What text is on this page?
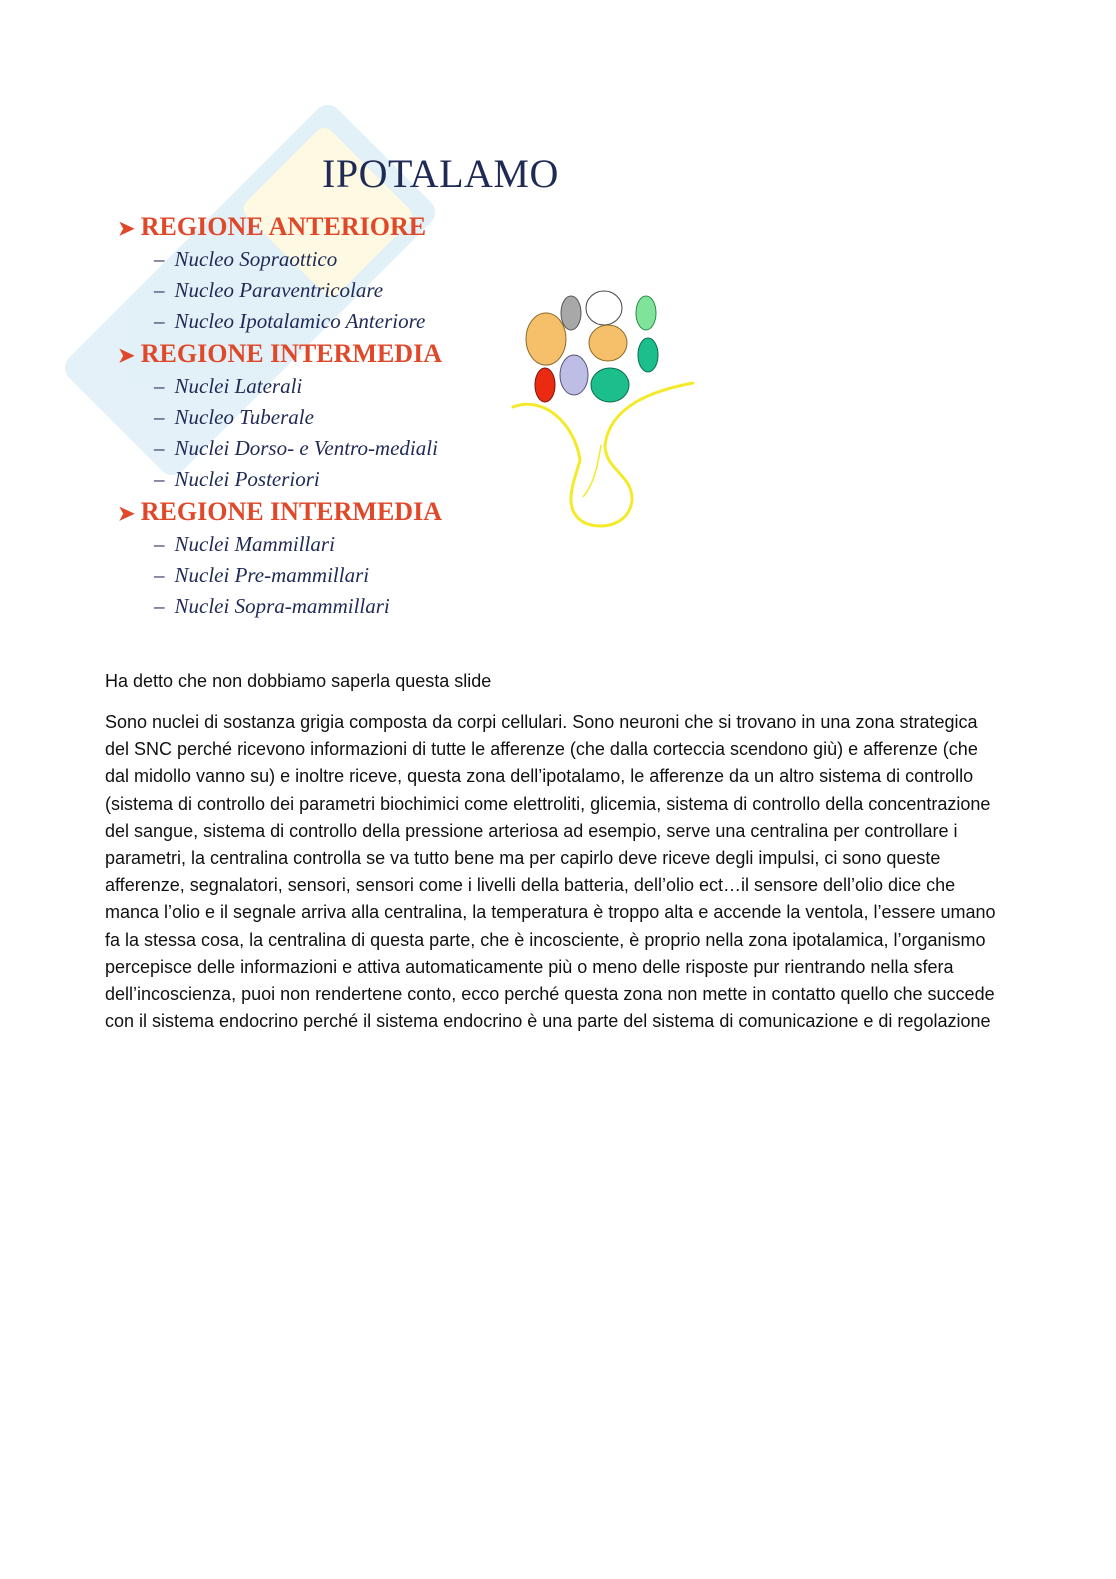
IPOTALAMO
➤ REGIONE ANTERIORE
– Nucleo Sopraottico
– Nucleo Paraventricolare
– Nucleo Ipotalamico Anteriore
➤ REGIONE INTERMEDIA
– Nuclei Laterali
– Nucleo Tuberale
– Nuclei Dorso- e Ventro-mediali
– Nuclei Posteriori
➤ REGIONE INTERMEDIA
– Nuclei Mammillari
– Nuclei Pre-mammillari
– Nuclei Sopra-mammillari

Ha detto che non dobbiamo saperla questa slide

Sono nuclei di sostanza grigia composta da corpi cellulari. Sono neuroni che si trovano in una zona strategica del SNC perché ricevono informazioni di tutte le afferenze (che dalla corteccia scendono giù) e afferenze (che dal midollo vanno su) e inoltre riceve, questa zona dell’ipotalamo, le afferenze da un altro sistema di controllo (sistema di controllo dei parametri biochimici come elettroliti, glicemia, sistema di controllo della concentrazione del sangue, sistema di controllo della pressione arteriosa ad esempio, serve una centralina per controllare i parametri, la centralina controlla se va tutto bene ma per capirlo deve riceve degli impulsi, ci sono queste afferenze, segnalatori, sensori, sensori come i livelli della batteria, dell’olio ect…il sensore dell’olio dice che manca l’olio e il segnale arriva alla centralina, la temperatura è troppo alta e accende la ventola, l’essere umano fa la stessa cosa, la centralina di questa parte, che è incosciente, è proprio nella zona ipotalamica, l’organismo percepisce delle informazioni e attiva automaticamente più o meno delle risposte pur rientrando nella sfera dell’incoscienza, puoi non rendertene conto, ecco perché questa zona non mette in contatto quello che succede con il sistema endocrino perché il sistema endocrino è una parte del sistema di comunicazione e di regolazione
